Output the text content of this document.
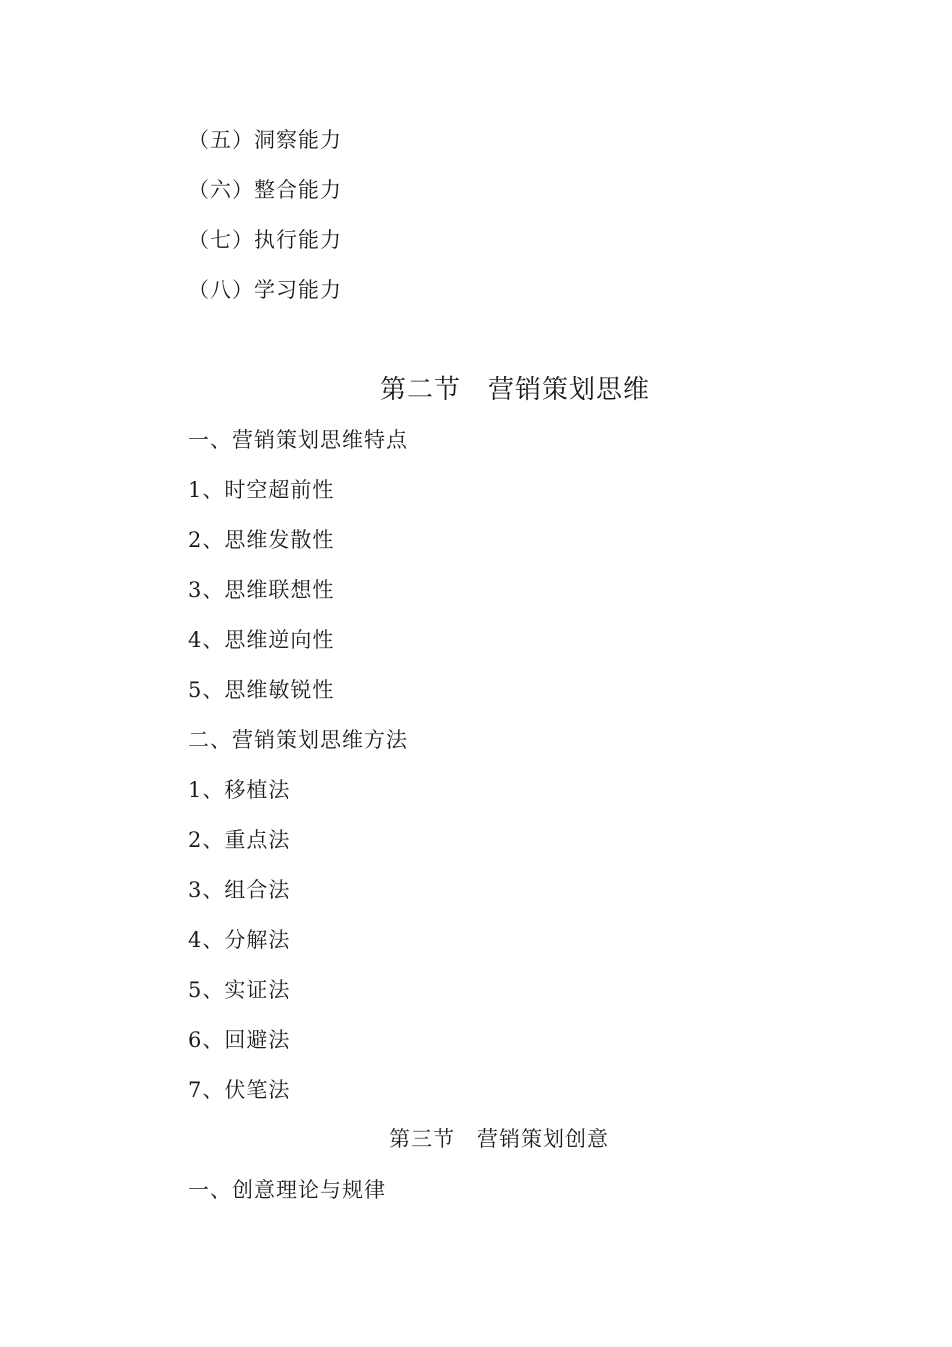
（五）洞察能力
（六）整合能力
（七）执行能力
（八）学习能力
第二节　营销策划思维
一、营销策划思维特点
1、时空超前性
2、思维发散性
3、思维联想性
4、思维逆向性
5、思维敏锐性
二、营销策划思维方法
1、移植法
2、重点法
3、组合法
4、分解法
5、实证法
6、回避法
7、伏笔法
第三节　营销策划创意
一、创意理论与规律
